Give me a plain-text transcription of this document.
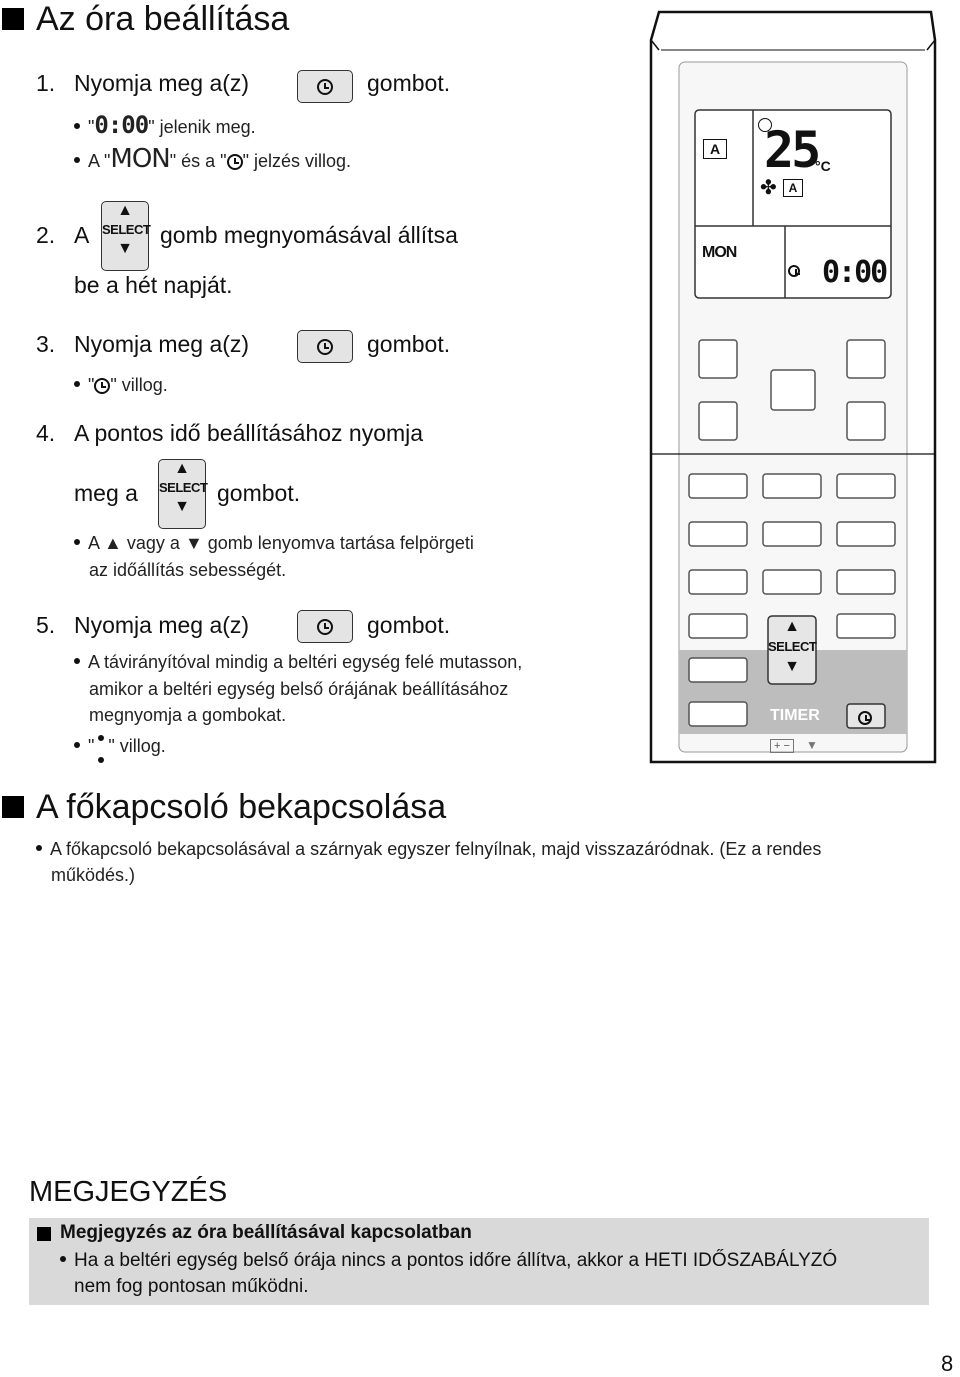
Az óra beállítása
1. Nyomja meg a(z)	gombot.
"0:00" jelenik meg.
A "MON" és a " " jelzés villog.
2. A
▲
SELECT
▼
gomb megnyomásával állítsa
be a hét napját.
3. Nyomja meg a(z)	gombot.
" " villog.
4. A pontos idő beállításához nyomja
meg a
▲
SELECT
▼
gombot.
A ▲ vagy a ▼ gomb lenyomva tartása felpörgeti
az időállítás sebességét.
5. Nyomja meg a(z)	gombot.
A távirányítóval mindig a beltéri egység felé mutasson,
amikor a beltéri egység belső órájának beállításához
megnyomja a gombokat.
" " villog.
A 25
°C
✤ A
MON
0:00
▲
SELECT
▼
TIMER
+ −	▼
A főkapcsoló bekapcsolása
A főkapcsoló bekapcsolásával a szárnyak egyszer felnyílnak, majd visszazáródnak. (Ez a rendes
működés.)
MEGJEGYZÉS
Megjegyzés az óra beállításával kapcsolatban
Ha a beltéri egység belső órája nincs a pontos időre állítva, akkor a HETI IDŐSZABÁLYZÓ
nem fog pontosan működni.
8
